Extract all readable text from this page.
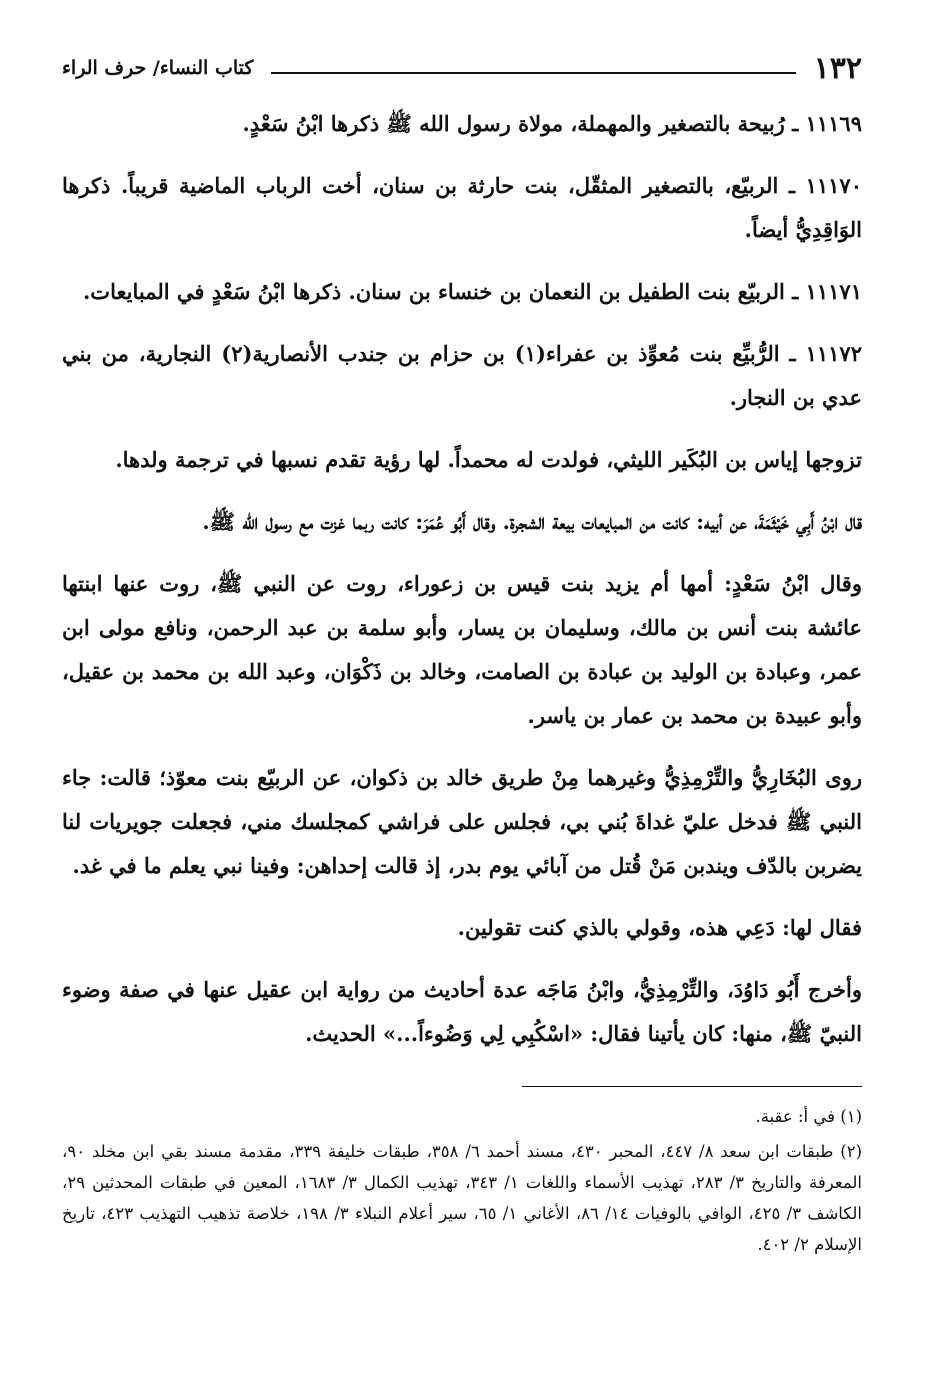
١٣٢
كتاب النساء/ حرف الراء

١١١٦٩ ـ رُبيحة بالتصغير والمهملة، مولاة رسول الله ﷺ ذكرها ابْنُ سَعْدٍ.

١١١٧٠ ـ الربيّع، بالتصغير المثقّل، بنت حارثة بن سنان، أخت الرباب الماضية قريباً. ذكرها الوَاقِدِيُّ أيضاً.

١١١٧١ ـ الربيّع بنت الطفيل بن النعمان بن خنساء بن سنان. ذكرها ابْنُ سَعْدٍ في المبايعات.

١١١٧٢ ـ الرُّبيِّع بنت مُعوِّذ بن عفراء(١) بن حزام بن جندب الأنصارية(٢) النجارية، من بني عدي بن النجار.

تزوجها إياس بن البُكَير الليثي، فولدت له محمداً. لها رؤية تقدم نسبها في ترجمة ولدها.

قال ابْنُ أَبِي خَيْثَمَةَ، عن أبيه: كانت من المبايعات بيعة الشجرة. وقال أَبُو عُمَرَ: كانت ربما غزت مع رسول الله ﷺ.

وقال ابْنُ سَعْدٍ: أمها أم يزيد بنت قيس بن زعوراء، روت عن النبي ﷺ، روت عنها ابنتها عائشة بنت أنس بن مالك، وسليمان بن يسار، وأبو سلمة بن عبد الرحمن، ونافع مولى ابن عمر، وعبادة بن الوليد بن عبادة بن الصامت، وخالد بن ذَكْوَان، وعبد الله بن محمد بن عقيل، وأبو عبيدة بن محمد بن عمار بن ياسر.

روى البُخَارِيُّ والتِّرْمِذِيُّ وغيرهما مِنْ طريق خالد بن ذكوان، عن الربيّع بنت معوّذ؛ قالت: جاء النبي ﷺ فدخل عليّ غداةَ بُني بي، فجلس على فراشي كمجلسك مني، فجعلت جويريات لنا يضربن بالدّف ويندبن مَنْ قُتل من آبائي يوم بدر، إذ قالت إحداهن: وفينا نبي يعلم ما في غد.

فقال لها: دَعِي هذه، وقولي بالذي كنت تقولين.

وأخرج أَبُو دَاوُدَ، والتِّرْمِذِيُّ، وابْنُ مَاجَه عدة أحاديث من رواية ابن عقيل عنها في صفة وضوء النبيّ ﷺ، منها: كان يأتينا فقال: «اسْكُبِي لِي وَضُوءاً...» الحديث.

(١) في أ: عقبة.

(٢) طبقات ابن سعد ٨/ ٤٤٧، المحبر ٤٣٠، مسند أحمد ٦/ ٣٥٨، طبقات خليفة ٣٣٩، مقدمة مسند بقي ابن مخلد ٩٠، المعرفة والتاريخ ٣/ ٢٨٣، تهذيب الأسماء واللغات ١/ ٣٤٣، تهذيب الكمال ٣/ ١٦٨٣، المعين في طبقات المحدثين ٢٩، الكاشف ٣/ ٤٢٥، الوافي بالوفيات ١٤/ ٨٦، الأغاني ١/ ٦٥، سير أعلام النبلاء ٣/ ١٩٨، خلاصة تذهيب التهذيب ٤٢٣، تاريخ الإسلام ٢/ ٤٠٢.
